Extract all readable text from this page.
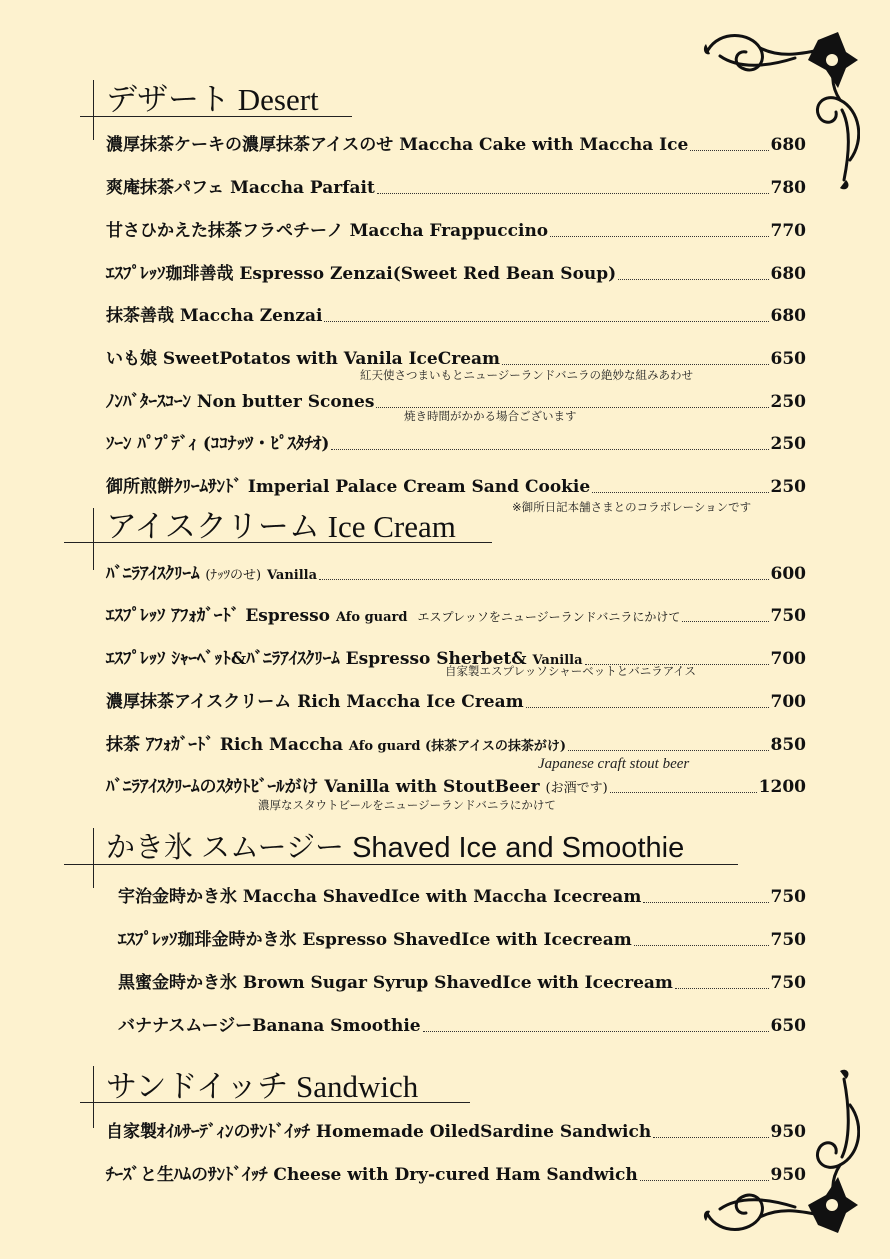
デザート Desert
濃厚抹茶ケーキの濃厚抹茶アイスのせ Maccha Cake with Maccha Ice	680
爽庵抹茶パフェ Maccha Parfait	780
甘さひかえた抹茶フラペチーノ Maccha Frappuccino	770
ｴｽﾌﾟﾚｯｿ珈琲善哉 Espresso Zenzai(Sweet Red Bean Soup)	680
抹茶善哉 Maccha Zenzai	680
いも娘 SweetPotatos with Vanila IceCream	650
紅天使さつまいもとニュージーランドバニラの絶妙な組みあわせ
ﾉﾝﾊﾞﾀｰｽｺｰﾝ Non butter Scones	250
焼き時間がかかる場合ございます
ｿｰﾝ ﾊﾟﾌﾟﾃﾞｨ (ｺｺﾅｯﾂ・ﾋﾟｽﾀﾁｵ)	250
御所煎餅ｸﾘｰﾑｻﾝﾄﾞ Imperial Palace Cream Sand Cookie	250
※御所日記本舗さまとのコラボレーションです
アイスクリーム Ice Cream
ﾊﾞﾆﾗｱｲｽｸﾘｰﾑ (ﾅｯﾂのせ) Vanilla	600
ｴｽﾌﾟﾚｯｿ ｱﾌｫｶﾞｰﾄﾞ Espresso Afo guard エスプレッソをニュージーランドバニラにかけて	750
ｴｽﾌﾟﾚｯｿ ｼｬｰﾍﾞｯﾄ&ﾊﾞﾆﾗｱｲｽｸﾘｰﾑ Espresso Sherbet& Vanilla	700
自家製エスプレッソシャーベットとバニラアイス
濃厚抹茶アイスクリーム Rich Maccha Ice Cream	700
抹茶 ｱﾌｫｶﾞｰﾄﾞ Rich Maccha Afo guard (抹茶アイスの抹茶がけ)	850
Japanese craft stout beer
ﾊﾞﾆﾗｱｲｽｸﾘｰﾑのｽﾀｳﾄﾋﾞｰﾙがけ Vanilla with StoutBeer (お酒です)	1200
濃厚なスタウトビールをニュージーランドバニラにかけて
かき氷 スムージー Shaved Ice and Smoothie
宇治金時かき氷 Maccha ShavedIce with Maccha Icecream	750
ｴｽﾌﾟﾚｯｿ珈琲金時かき氷 Espresso ShavedIce with Icecream	750
黒蜜金時かき氷 Brown Sugar Syrup ShavedIce with Icecream	750
バナナスムージーBanana Smoothie	650
サンドイッチ Sandwich
自家製ｵｲﾙｻｰﾃﾞｨﾝのｻﾝﾄﾞｲｯﾁ Homemade OiledSardine Sandwich	950
ﾁｰｽﾞと生ﾊﾑのｻﾝﾄﾞｲｯﾁ Cheese with Dry-cured Ham Sandwich	950
